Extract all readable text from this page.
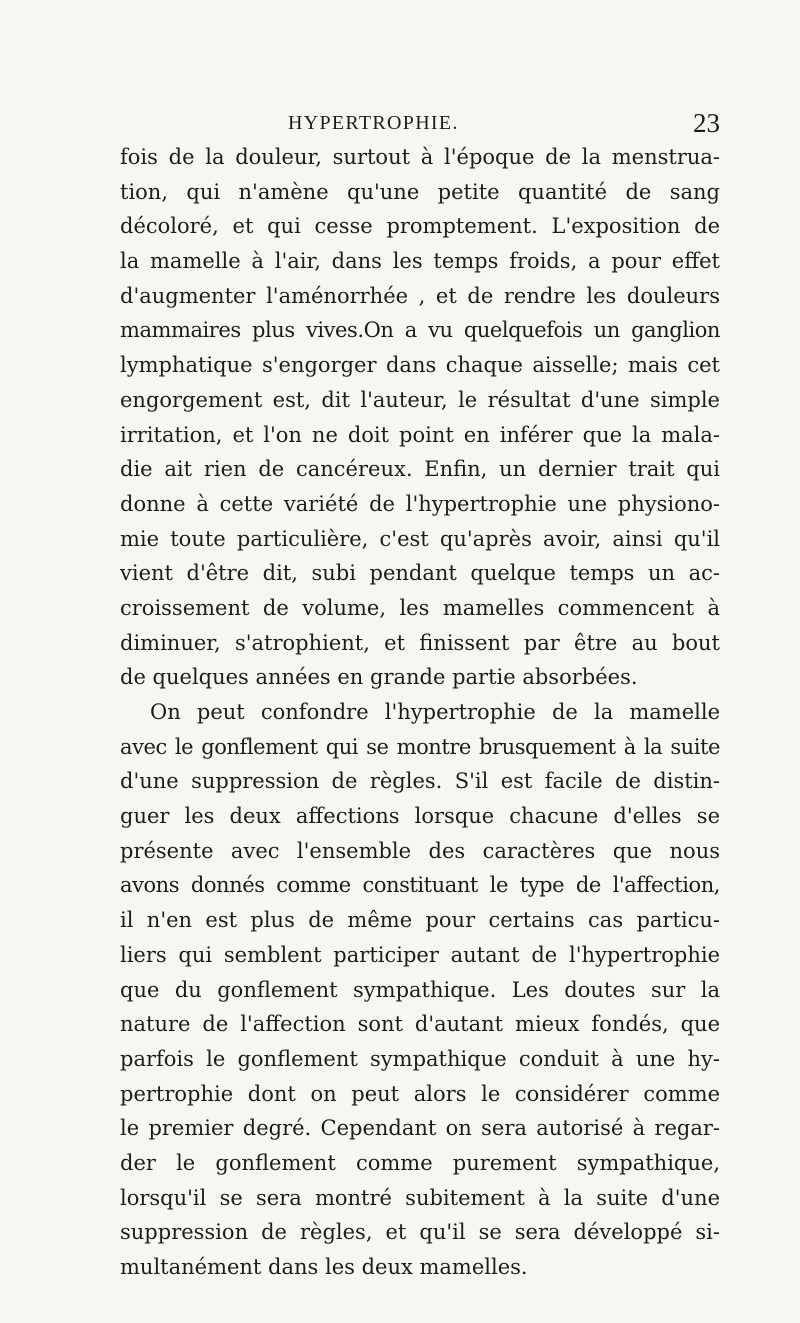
HYPERTROPHIE.	23
fois de la douleur, surtout à l'époque de la menstrua-
tion, qui n'amène qu'une petite quantité de sang
décoloré, et qui cesse promptement. L'exposition de
la mamelle à l'air, dans les temps froids, a pour effet
d'augmenter l'aménorrhée , et de rendre les douleurs
mammaires plus vives.On a vu quelquefois un ganglion
lymphatique s'engorger dans chaque aisselle; mais cet
engorgement est, dit l'auteur, le résultat d'une simple
irritation, et l'on ne doit point en inférer que la mala-
die ait rien de cancéreux. Enfin, un dernier trait qui
donne à cette variété de l'hypertrophie une physiono-
mie toute particulière, c'est qu'après avoir, ainsi qu'il
vient d'être dit, subi pendant quelque temps un ac-
croissement de volume, les mamelles commencent à
diminuer, s'atrophient, et finissent par être au bout
de quelques années en grande partie absorbées.
On peut confondre l'hypertrophie de la mamelle
avec le gonflement qui se montre brusquement à la suite
d'une suppression de règles. S'il est facile de distin-
guer les deux affections lorsque chacune d'elles se
présente avec l'ensemble des caractères que nous
avons donnés comme constituant le type de l'affection,
il n'en est plus de même pour certains cas particu-
liers qui semblent participer autant de l'hypertrophie
que du gonflement sympathique. Les doutes sur la
nature de l'affection sont d'autant mieux fondés, que
parfois le gonflement sympathique conduit à une hy-
pertrophie dont on peut alors le considérer comme
le premier degré. Cependant on sera autorisé à regar-
der le gonflement comme purement sympathique,
lorsqu'il se sera montré subitement à la suite d'une
suppression de règles, et qu'il se sera développé si-
multanément dans les deux mamelles.
